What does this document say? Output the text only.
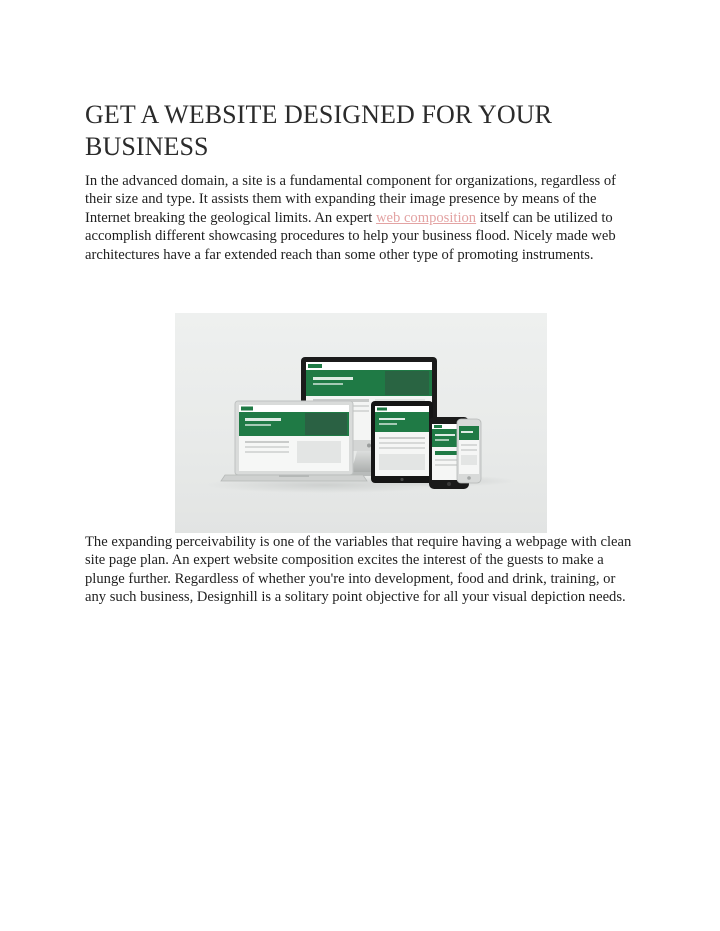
GET A WEBSITE DESIGNED FOR YOUR BUSINESS

In the advanced domain, a site is a fundamental component for organizations, regardless of their size and type. It assists them with expanding their image presence by means of the Internet breaking the geological limits. An expert web composition itself can be utilized to accomplish different showcasing procedures to help your business flood. Nicely made web architectures have a far extended reach than some other type of promoting instruments.

The expanding perceivability is one of the variables that require having a webpage with clean site page plan. An expert website composition excites the interest of the guests to make a plunge further. Regardless of whether you're into development, food and drink, training, or any such business, Designhill is a solitary point objective for all your visual depiction needs.
